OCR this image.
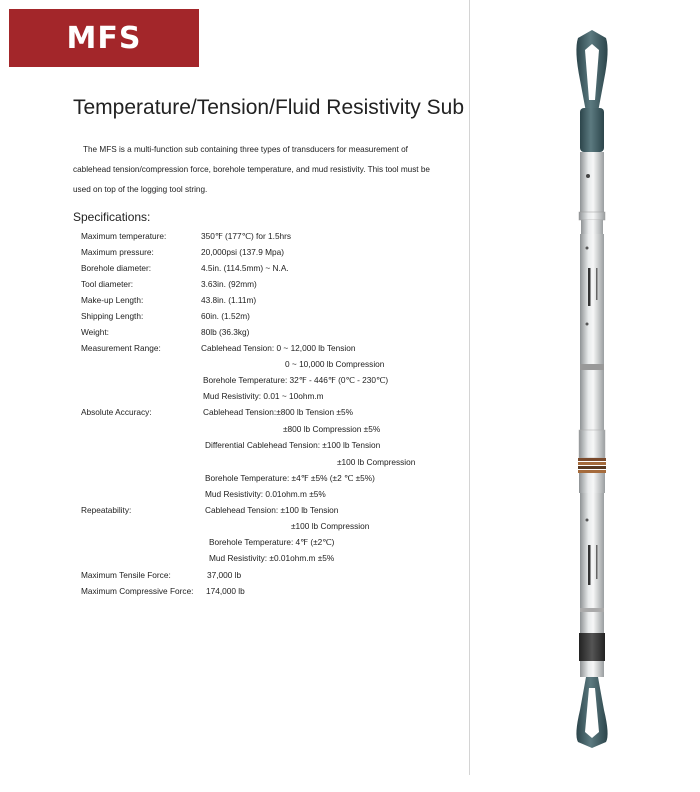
MFS
Temperature/Tension/Fluid Resistivity Sub

The MFS is a multi-function sub containing three types of transducers for measurement of cablehead tension/compression force, borehole temperature, and mud resistivity. This tool must be used on top of the logging tool string.

Specifications:
Maximum temperature:	350℉ (177℃) for 1.5hrs
Maximum pressure:	20,000psi (137.9 Mpa)
Borehole diameter:	4.5in. (114.5mm) ~ N.A.
Tool diameter:	3.63in. (92mm)
Make-up Length:	43.8in. (1.11m)
Shipping Length:	60in. (1.52m)
Weight:	80lb (36.3kg)
Measurement Range:	Cablehead Tension: 0 ~ 12,000 lb Tension
0 ~ 10,000 lb Compression
Borehole Temperature: 32℉ - 446℉ (0℃ - 230℃)
Mud Resistivity: 0.01 ~ 10ohm.m
Absolute Accuracy:	Cablehead Tension:±800 lb Tension ±5%
±800 lb Compression ±5%
Differential Cablehead Tension: ±100 lb Tension
±100 lb Compression
Borehole Temperature: ±4℉ ±5% (±2 ℃ ±5%)
Mud Resistivity: 0.01ohm.m ±5%
Repeatability:	Cablehead Tension: ±100 lb Tension
±100 lb Compression
Borehole Temperature: 4℉ (±2℃)
Mud Resistivity: ±0.01ohm.m ±5%
Maximum Tensile Force:	37,000 lb
Maximum Compressive Force: 174,000 lb
